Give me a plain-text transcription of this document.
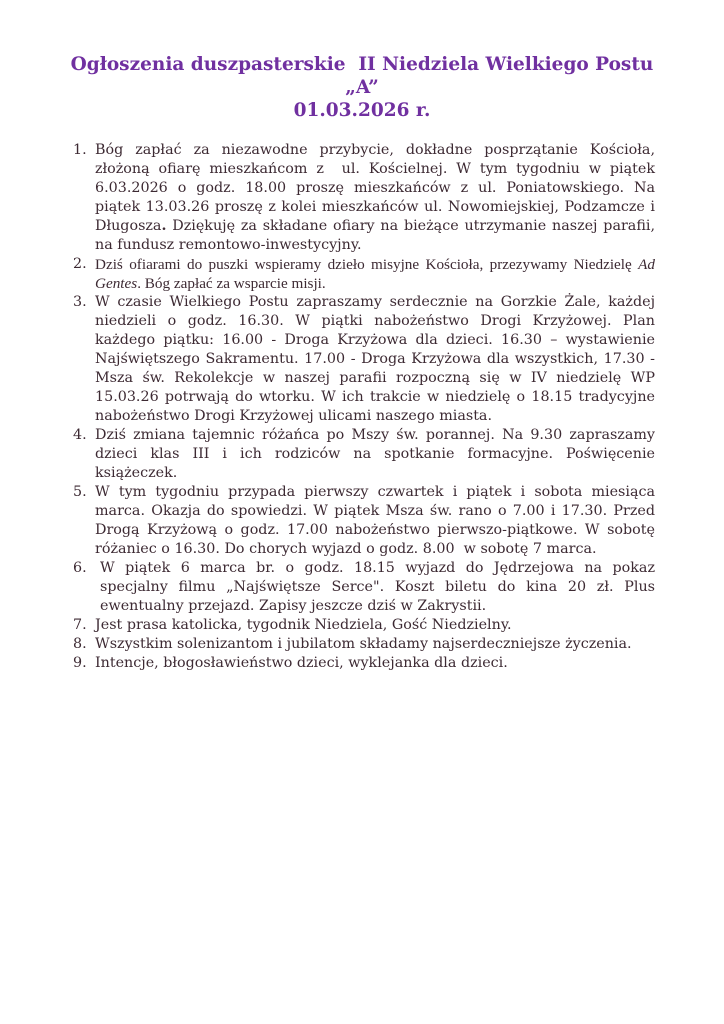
Ogłoszenia duszpasterskie  II Niedziela Wielkiego Postu „A”
01.03.2026 r.
1. Bóg zapłać za niezawodne przybycie, dokładne posprzątanie Kościoła, złożoną ofiarę mieszkańcom z  ul. Kościelnej. W tym tygodniu w piątek 6.03.2026 o godz. 18.00 proszę mieszkańców z ul. Poniatowskiego. Na piątek 13.03.26 proszę z kolei mieszkańców ul. Nowomiejskiej, Podzamcze i Długosza. Dziękuję za składane ofiary na bieżące utrzymanie naszej parafii, na fundusz remontowo-inwestycyjny.
2. Dziś ofiarami do puszki wspieramy dzieło misyjne Kościoła, przezywamy Niedzielę Ad Gentes. Bóg zapłać za wsparcie misji.
3. W czasie Wielkiego Postu zapraszamy serdecznie na Gorzkie Żale, każdej niedzieli o godz. 16.30. W piątki nabożeństwo Drogi Krzyżowej. Plan każdego piątku: 16.00 - Droga Krzyżowa dla dzieci. 16.30 – wystawienie Najświętszego Sakramentu. 17.00 - Droga Krzyżowa dla wszystkich, 17.30 - Msza św. Rekolekcje w naszej parafii rozpoczną się w IV niedzielę WP 15.03.26 potrwają do wtorku. W ich trakcie w niedzielę o 18.15 tradycyjne nabożeństwo Drogi Krzyżowej ulicami naszego miasta.
4. Dziś zmiana tajemnic różańca po Mszy św. porannej. Na 9.30 zapraszamy dzieci klas III i ich rodziców na spotkanie formacyjne. Poświęcenie książeczek.
5. W tym tygodniu przypada pierwszy czwartek i piątek i sobota miesiąca marca. Okazja do spowiedzi. W piątek Msza św. rano o 7.00 i 17.30. Przed Drogą Krzyżową o godz. 17.00 nabożeństwo pierwszo-piątkowe. W sobotę różaniec o 16.30. Do chorych wyjazd o godz. 8.00  w sobotę 7 marca.
6. W piątek 6 marca br. o godz. 18.15 wyjazd do Jędrzejowa na pokaz specjalny filmu „Najświętsze Serce". Koszt biletu do kina 20 zł. Plus ewentualny przejazd. Zapisy jeszcze dziś w Zakrystii.
7. Jest prasa katolicka, tygodnik Niedziela, Gość Niedzielny.
8. Wszystkim solenizantom i jubilatom składamy najserdeczniejsze życzenia.
9. Intencje, błogosławieństwo dzieci, wyklejanka dla dzieci.
